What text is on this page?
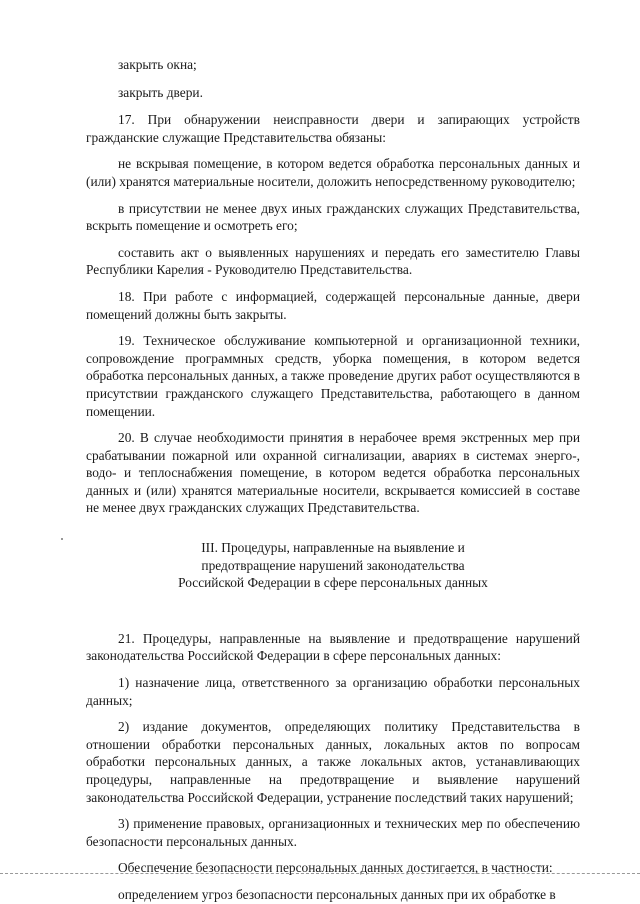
закрыть окна;

закрыть двери.

17. При обнаружении неисправности двери и запирающих устройств гражданские служащие Представительства обязаны:

не вскрывая помещение, в котором ведется обработка персональных данных и (или) хранятся материальные носители, доложить непосредственному руководителю;

в присутствии не менее двух иных гражданских служащих Представительства, вскрыть помещение и осмотреть его;

составить акт о выявленных нарушениях и передать его заместителю Главы Республики Карелия - Руководителю Представительства.

18. При работе с информацией, содержащей персональные данные, двери помещений должны быть закрыты.

19. Техническое обслуживание компьютерной и организационной техники, сопровождение программных средств, уборка помещения, в котором ведется обработка персональных данных, а также проведение других работ осуществляются в присутствии гражданского служащего Представительства, работающего в данном помещении.

20. В случае необходимости принятия в нерабочее время экстренных мер при срабатывании пожарной или охранной сигнализации, авариях в системах энерго-, водо- и теплоснабжения помещение, в котором ведется обработка персональных данных и (или) хранятся материальные носители, вскрывается комиссией в составе не менее двух гражданских служащих Представительства.

III. Процедуры, направленные на выявление и
предотвращение нарушений законодательства
Российской Федерации в сфере персональных данных

21. Процедуры, направленные на выявление и предотвращение нарушений законодательства Российской Федерации в сфере персональных данных:

1) назначение лица, ответственного за организацию обработки персональных данных;

2) издание документов, определяющих политику Представительства в отношении обработки персональных данных, локальных актов по вопросам обработки персональных данных, а также локальных актов, устанавливающих процедуры, направленные на предотвращение и выявление нарушений законодательства Российской Федерации, устранение последствий таких нарушений;

3) применение правовых, организационных и технических мер по обеспечению безопасности персональных данных.

Обеспечение безопасности персональных данных достигается, в частности:

определением угроз безопасности персональных данных при их обработке в
